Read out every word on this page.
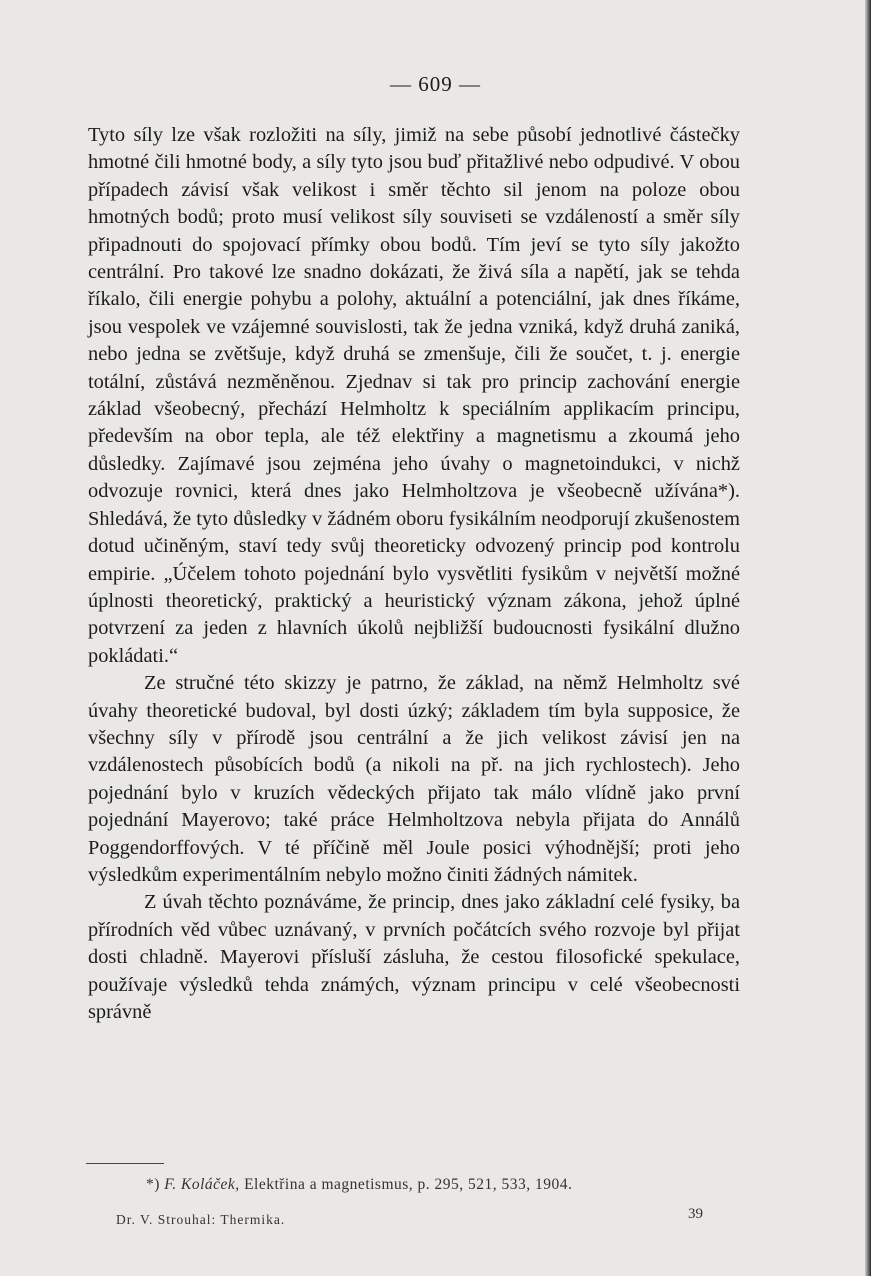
— 609 —

Tyto síly lze však rozložiti na síly, jimiž na sebe působí jednotlivé částečky hmotné čili hmotné body, a síly tyto jsou buď přitažlivé nebo odpudivé. V obou případech závisí však velikost i směr těchto sil jenom na poloze obou hmotných bodů; proto musí velikost síly souviseti se vzdáleností a směr síly připadnouti do spojovací přímky obou bodů. Tím jeví se tyto síly jakožto centrální. Pro takové lze snadno dokázati, že živá síla a napětí, jak se tehda říkalo, čili energie pohybu a polohy, aktuální a potenciální, jak dnes říkáme, jsou vespolek ve vzájemné souvislosti, tak že jedna vzniká, když druhá zaniká, nebo jedna se zvětšuje, když druhá se zmenšuje, čili že součet, t. j. energie totální, zůstává nezměněnou. Zjednav si tak pro princip zachování energie základ všeobecný, přechází Helmholtz k speciálním applikacím principu, především na obor tepla, ale též elektřiny a magnetismu a zkoumá jeho důsledky. Zajímavé jsou zejména jeho úvahy o magnetoindukci, v nichž odvozuje rovnici, která dnes jako Helmholtzova je všeobecně užívána*). Shledává, že tyto důsledky v žádném oboru fysikálním neodporují zkušenostem dotud učiněným, staví tedy svůj theoreticky odvozený princip pod kontrolu empirie. „Účelem tohoto pojednání bylo vysvětliti fysikům v největší možné úplnosti theoretický, praktický a heuristický význam zákona, jehož úplné potvrzení za jeden z hlavních úkolů nejbližší budoucnosti fysikální dlužno pokládati.“

Ze stručné této skizzy je patrno, že základ, na němž Helmholtz své úvahy theoretické budoval, byl dosti úzký; základem tím byla supposice, že všechny síly v přírodě jsou centrální a že jich velikost závisí jen na vzdálenostech působících bodů (a nikoli na př. na jich rychlostech). Jeho pojednání bylo v kruzích vědeckých přijato tak málo vlídně jako první pojednání Mayerovo; také práce Helmholtzova nebyla přijata do Annálů Poggendorffových. V té příčině měl Joule posici výhodnější; proti jeho výsledkům experimentálním nebylo možno činiti žádných námitek.

Z úvah těchto poznáváme, že princip, dnes jako základní celé fysiky, ba přírodních věd vůbec uznávaný, v prvních počátcích svého rozvoje byl přijat dosti chladně. Mayerovi přísluší zásluha, že cestou filosofické spekulace, používaje výsledků tehda známých, význam principu v celé všeobecnosti správně

*) F. Koláček, Elektřina a magnetismus, p. 295, 521, 533, 1904.
Dr. V. Strouhal: Thermika.	39
